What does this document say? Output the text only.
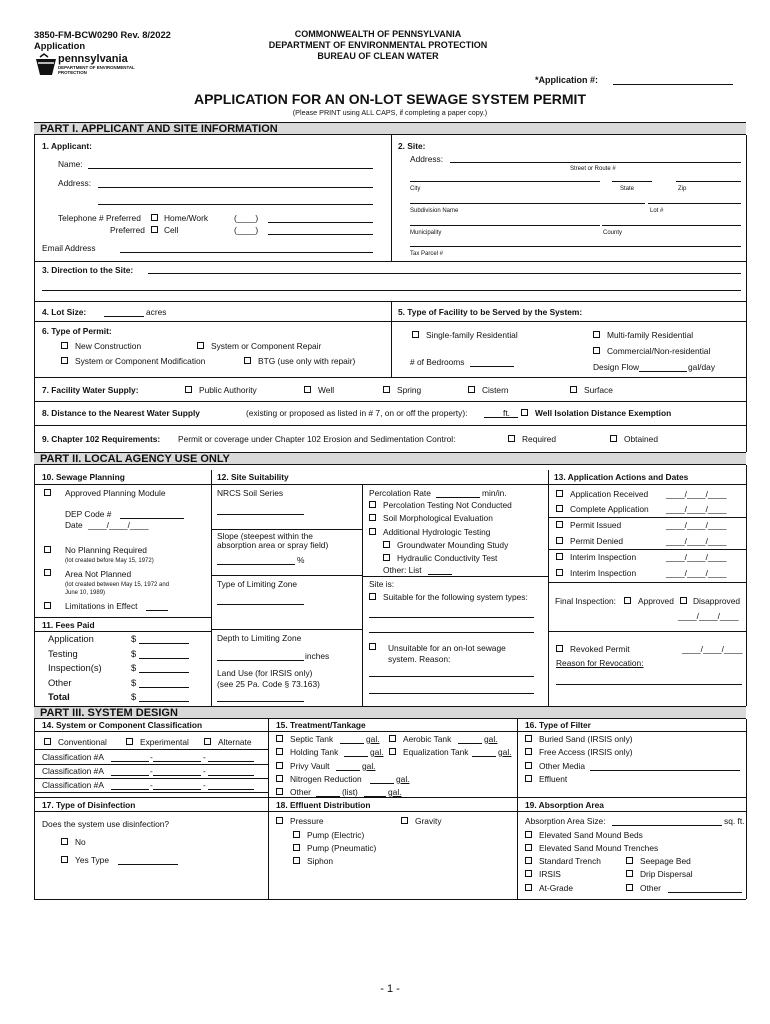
3850-FM-BCW0290 Rev. 8/2022
Application
pennsylvania
DEPARTMENT OF ENVIRONMENTAL
PROTECTION
COMMONWEALTH OF PENNSYLVANIA
DEPARTMENT OF ENVIRONMENTAL PROTECTION
BUREAU OF CLEAN WATER
*Application #:
APPLICATION FOR AN ON-LOT SEWAGE SYSTEM PERMIT
(Please PRINT using ALL CAPS, if completing a paper copy.)
PART I. APPLICANT AND SITE INFORMATION
1. Applicant:
Name:
Address:
Telephone # Preferred	Home/Work	(____)
Preferred Cell	(____)
Email Address
2. Site:
Address:
Street or Route #
City	State	Zip
Subdivision Name	Lot #
Municipality	County
Tax Parcel #
3. Direction to the Site:
4. Lot Size:	acres	5. Type of Facility to be Served by the System:
6. Type of Permit:
New Construction	System or Component Repair
System or Component Modification	BTG (use only with repair)
Single-family Residential	Multi-family Residential
Commercial/Non-residential
# of Bedrooms	Design Flow	gal/day
7. Facility Water Supply:	Public Authority	Well	Spring	Cistern	Surface
8. Distance to the Nearest Water Supply	(existing or proposed as listed in # 7, on or off the property):	ft.	Well Isolation Distance Exemption
9. Chapter 102 Requirements: Permit or coverage under Chapter 102 Erosion and Sedimentation Control:	Required	Obtained
PART II. LOCAL AGENCY USE ONLY
10. Sewage Planning
Approved Planning Module
DEP Code #
Date ____/____/____
No Planning Required
(lot created before May 15, 1972)
Area Not Planned
(lot created between May 15, 1972 and
June 10, 1989)
Limitations in Effect
11. Fees Paid
Application	$
Testing	$
Inspection(s)	$
Other	$
Total	$
12. Site Suitability
NRCS Soil Series
Slope (steepest within the
absorption area or spray field)
%
Type of Limiting Zone
Depth to Limiting Zone
inches
Land Use (for IRSIS only)
(see 25 Pa. Code § 73.163)
Percolation Rate	min/in.
Percolation Testing Not Conducted
Soil Morphological Evaluation
Additional Hydrologic Testing
Groundwater Mounding Study
Hydraulic Conductivity Test
Other: List
Site is:
Suitable for the following system types:
Unsuitable for an on-lot sewage
system. Reason:
13. Application Actions and Dates
Application Received ____/____/____
Complete Application ____/____/____
Permit Issued	____/____/____
Permit Denied	____/____/____
Interim Inspection	____/____/____
Interim Inspection	____/____/____
Final Inspection:	Approved Disapproved
____/____/____
Revoked Permit	____/____/____
Reason for Revocation:
PART III. SYSTEM DESIGN
14. System or Component Classification
Conventional	Experimental	Alternate
Classification #A	-	-
Classification #A	-	-
Classification #A	-	-
15. Treatment/Tankage
Septic Tank	gal.	Aerobic Tank	gal.
Holding Tank	gal. Equalization Tank	gal.
Privy Vault	gal.
Nitrogen Reduction	gal.
Other	(list)	gal.
16. Type of Filter
Buried Sand (IRSIS only)
Free Access (IRSIS only)
Other Media
Effluent
17. Type of Disinfection
Does the system use disinfection?
No
Yes Type
18. Effluent Distribution
Pressure	Gravity
Pump (Electric)
Pump (Pneumatic)
Siphon
19. Absorption Area
Absorption Area Size:	sq. ft.
Elevated Sand Mound Beds
Elevated Sand Mound Trenches
Standard Trench	Seepage Bed
IRSIS	Drip Dispersal
At-Grade	Other
- 1 -
